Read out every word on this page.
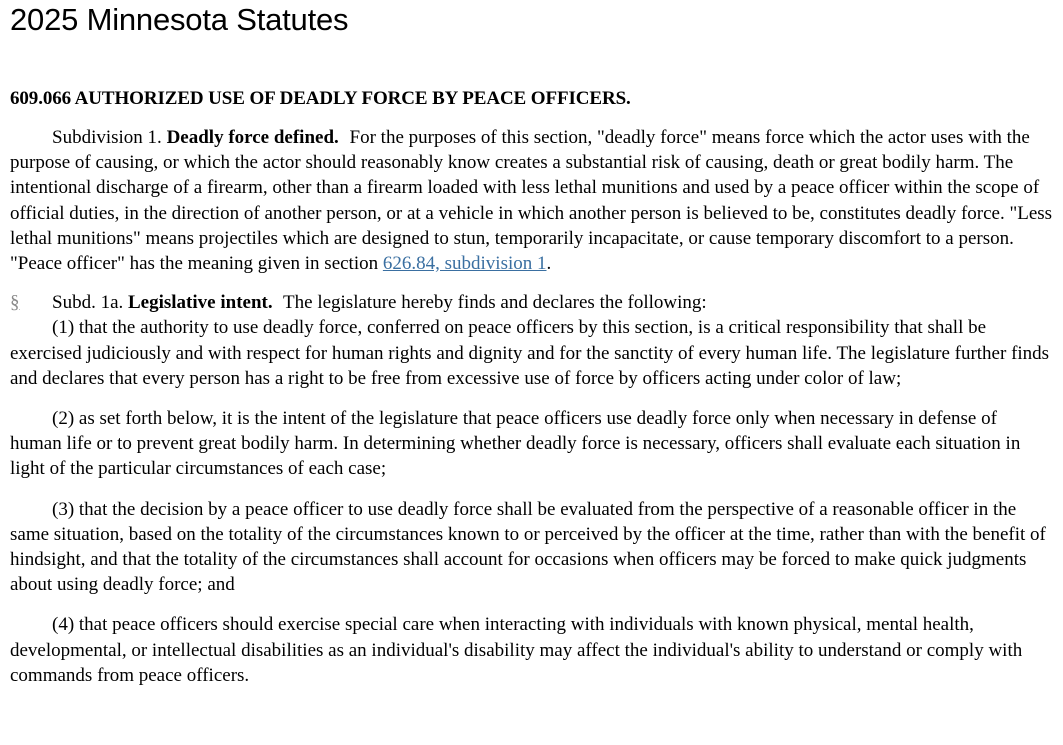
2025 Minnesota Statutes
609.066 AUTHORIZED USE OF DEADLY FORCE BY PEACE OFFICERS.

Subdivision 1. Deadly force defined. For the purposes of this section, "deadly force" means force which the actor uses with the purpose of causing, or which the actor should reasonably know creates a substantial risk of causing, death or great bodily harm. The intentional discharge of a firearm, other than a firearm loaded with less lethal munitions and used by a peace officer within the scope of official duties, in the direction of another person, or at a vehicle in which another person is believed to be, constitutes deadly force. "Less lethal munitions" means projectiles which are designed to stun, temporarily incapacitate, or cause temporary discomfort to a person. "Peace officer" has the meaning given in section 626.84, subdivision 1.

§	Subd. 1a. Legislative intent. The legislature hereby finds and declares the following:

(1) that the authority to use deadly force, conferred on peace officers by this section, is a critical responsibility that shall be exercised judiciously and with respect for human rights and dignity and for the sanctity of every human life. The legislature further finds and declares that every person has a right to be free from excessive use of force by officers acting under color of law;

(2) as set forth below, it is the intent of the legislature that peace officers use deadly force only when necessary in defense of human life or to prevent great bodily harm. In determining whether deadly force is necessary, officers shall evaluate each situation in light of the particular circumstances of each case;

(3) that the decision by a peace officer to use deadly force shall be evaluated from the perspective of a reasonable officer in the same situation, based on the totality of the circumstances known to or perceived by the officer at the time, rather than with the benefit of hindsight, and that the totality of the circumstances shall account for occasions when officers may be forced to make quick judgments about using deadly force; and

(4) that peace officers should exercise special care when interacting with individuals with known physical, mental health, developmental, or intellectual disabilities as an individual's disability may affect the individual's ability to understand or comply with commands from peace officers.
